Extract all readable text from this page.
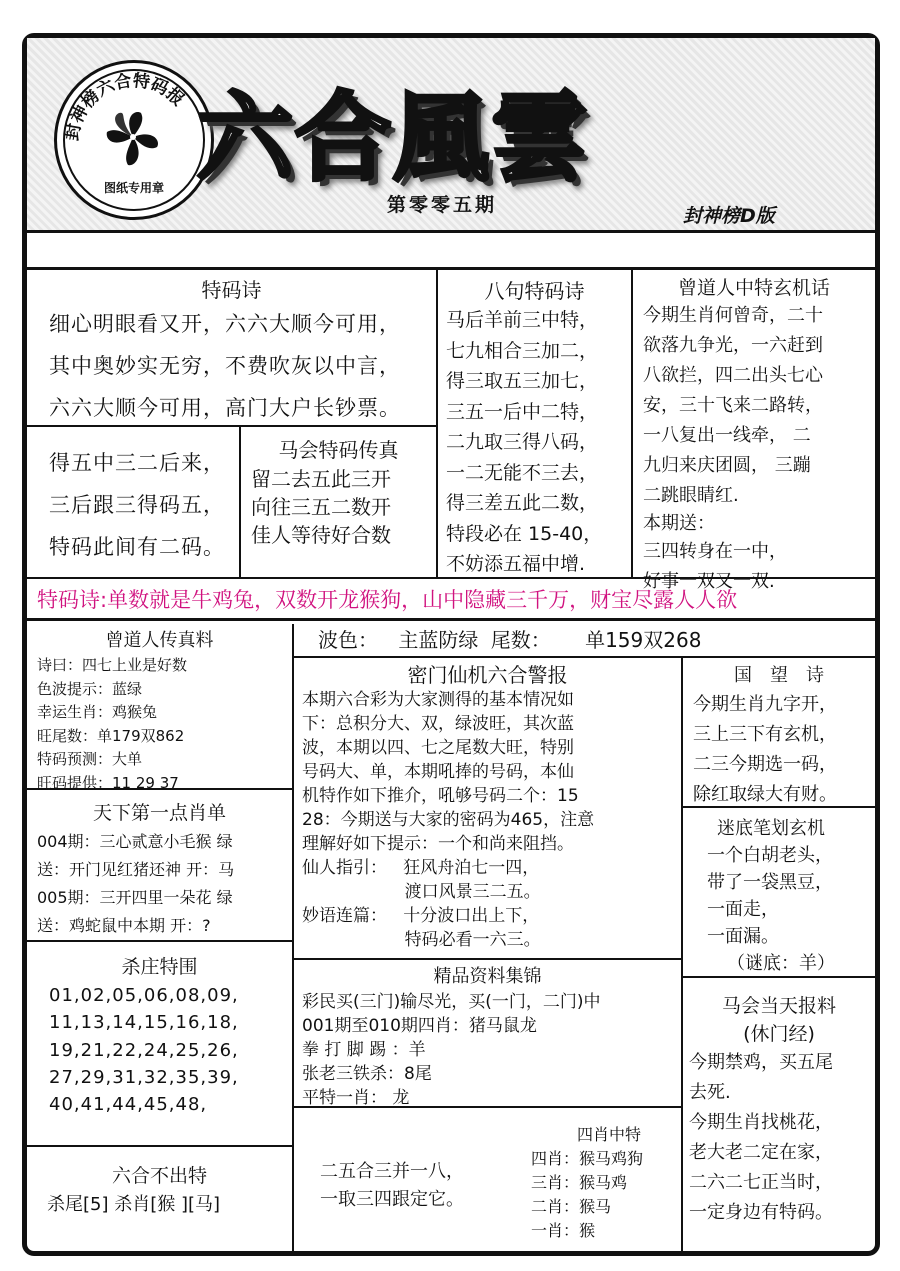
封神榜六合特码报
图纸专用章 六合風雲
第零零五期	封神榜D版
特码诗
细心明眼看又开，六六大顺今可用，
其中奥妙实无穷，不费吹灰以中言，
六六大顺今可用，高门大户长钞票。
得五中三二后来，
三后跟三得码五，
特码此间有二码。
马会特码传真
留二去五此三开
向往三五二数开
佳人等待好合数
八句特码诗
马后羊前三中特，
七九相合三加二，
得三取五三加七，
三五一后中二特，
二九取三得八码，
一二无能不三去，
得三差五此二数，
特段必在 15-40，
不妨添五福中增.
曾道人中特玄机话
今期生肖何曾奇，二十
欲落九争光，一六赶到
八欲拦，四二出头七心
安，三十飞来二路转，
一八复出一线牵， 二
九归来庆团圆， 三蹦
二跳眼睛红.
本期送：
三四转身在一中，
好事一双又一双.
特码诗:单数就是牛鸡兔，双数开龙猴狗，山中隐藏三千万，财宝尽露人人欲
曾道人传真料
诗曰：四七上业是好数
色波提示：蓝绿
幸运生肖：鸡猴兔
旺尾数：单179双862
特码预测：大单
旺码提供：11 29 37
天下第一点肖单
004期：三心贰意小毛猴 绿
送：开门见红猪还神 开：马
005期：三开四里一朵花 绿
送：鸡蛇鼠中本期 开：?
杀庄特围
01,02,05,06,08,09,
11,13,14,15,16,18,
19,21,22,24,25,26,
27,29,31,32,35,39,
40,41,44,45,48,
六合不出特
杀尾[5] 杀肖[猴 ][马]
波色： 主蓝防绿 尾数： 单159双268
密门仙机六合警报
本期六合彩为大家测得的基本情况如
下：总积分大、双，绿波旺，其次蓝
波，本期以四、七之尾数大旺，特别
号码大、单，本期吼捧的号码，本仙
机特作如下推介，吼够号码二个：15
28：今期送与大家的密码为465，注意
理解好如下提示：一个和尚来阻挡。
仙人指引：   狂风舟泊七一四，
渡口风景三二五。
妙语连篇：   十分波口出上下，
特码必看一六三。
精品资料集锦
彩民买(三门)输尽光，买(一门，二门)中
001期至010期四肖：猪马鼠龙
拳 打 脚 踢 ：羊
张老三铁杀：8尾
平特一肖： 龙
二五合三并一八，
一取三四跟定它。
四肖中特
四肖：猴马鸡狗
三肖：猴马鸡
二肖：猴马
一肖：猴
国　望　诗
今期生肖九字开，
三上三下有玄机，
二三今期选一码，
除红取绿大有财。
迷底笔划玄机
一个白胡老头，
带了一袋黑豆，
一面走，
一面漏。
（谜底：羊）
马会当天报料
(休门经)
今期禁鸡，买五尾
去死.
今期生肖找桃花，
老大老二定在家，
二六二七正当时，
一定身边有特码。
